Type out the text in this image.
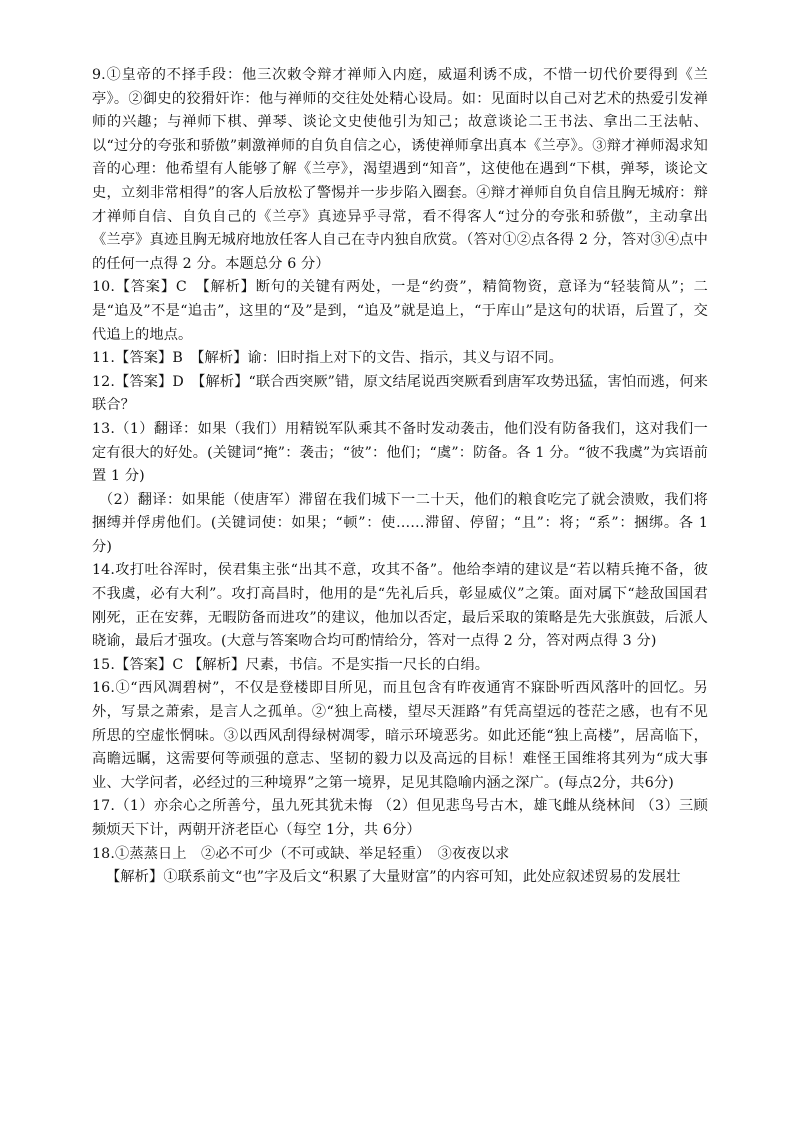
9.①皇帝的不择手段：他三次敕令辩才禅师入内庭，威逼利诱不成，不惜一切代价要得到《兰亭》。②御史的狡猾奸诈：他与禅师的交往处处精心设局。如：见面时以自己对艺术的热爱引发禅师的兴趣；与禅师下棋、弹琴、谈论文史使他引为知己；故意谈论二王书法、拿出二王法帖、以“过分的夸张和骄傲”刺激禅师的自负自信之心，诱使禅师拿出真本《兰亭》。③辩才禅师渴求知音的心理：他希望有人能够了解《兰亭》，渴望遇到“知音”，这使他在遇到“下棋，弹琴，谈论文史，立刻非常相得”的客人后放松了警惕并一步步陷入圈套。④辩才禅师自负自信且胸无城府：辩才禅师自信、自负自己的《兰亭》真迹异乎寻常，看不得客人“过分的夸张和骄傲”，主动拿出《兰亭》真迹且胸无城府地放任客人自己在寺内独自欣赏。（答对①②点各得 2 分，答对③④点中的任何一点得 2 分。本题总分 6 分）

10.【答案】C　【解析】断句的关键有两处，一是“约赍”，精简物资，意译为“轻装简从”；二是“追及”不是“追击”，这里的“及”是到，“追及”就是追上，“于库山”是这句的状语，后置了，交代追上的地点。

11.【答案】B　【解析】谕：旧时指上对下的文告、指示，其义与诏不同。

12.【答案】D　【解析】“联合西突厥”错，原文结尾说西突厥看到唐军攻势迅猛，害怕而逃，何来联合？

13.（1）翻译：如果（我们）用精锐军队乘其不备时发动袭击，他们没有防备我们，这对我们一定有很大的好处。(关键词“掩”：袭击；“彼”：他们；“虞”：防备。各 1 分。“彼不我虞”为宾语前置 1 分)

（2）翻译：如果能（使唐军）滞留在我们城下一二十天，他们的粮食吃完了就会溃败，我们将捆缚并俘虏他们。(关键词使：如果；“顿”：使……滞留、停留；“且”：将；“系”：捆绑。各 1 分)

14.攻打吐谷浑时，侯君集主张“出其不意，攻其不备”。他给李靖的建议是“若以精兵掩不备，彼不我虞，必有大利”。攻打高昌时，他用的是“先礼后兵，彰显威仪”之策。面对属下“趁敌国国君刚死，正在安葬，无暇防备而进攻”的建议，他加以否定，最后采取的策略是先大张旗鼓，后派人晓谕，最后才强攻。(大意与答案吻合均可酌情给分，答对一点得 2 分，答对两点得 3 分)

15.【答案】C 【解析】尺素，书信。不是实指一尺长的白绢。

16.①“西风凋碧树”，不仅是登楼即目所见，而且包含有昨夜通宵不寐卧听西风落叶的回忆。另外，写景之萧索，是言人之孤单。②“独上高楼，望尽天涯路”有凭高望远的苍茫之感，也有不见所思的空虚怅惘味。③以西风刮得绿树凋零，暗示环境恶劣。如此还能“独上高楼”，居高临下，高瞻远瞩，这需要何等顽强的意志、坚韧的毅力以及高远的目标！难怪王国维将其列为“成大事业、大学问者，必经过的三种境界”之第一境界，足见其隐喻内涵之深广。(每点2分，共6分)

17.（1）亦余心之所善兮，虽九死其犹未悔 （2）但见悲鸟号古木，雄飞雌从绕林间 （3）三顾频烦天下计，两朝开济老臣心（每空 1分，共 6分）

18.①蒸蒸日上　②必不可少（不可或缺、举足轻重）　③夜夜以求

【解析】①联系前文“也”字及后文“积累了大量财富”的内容可知，此处应叙述贸易的发展壮
